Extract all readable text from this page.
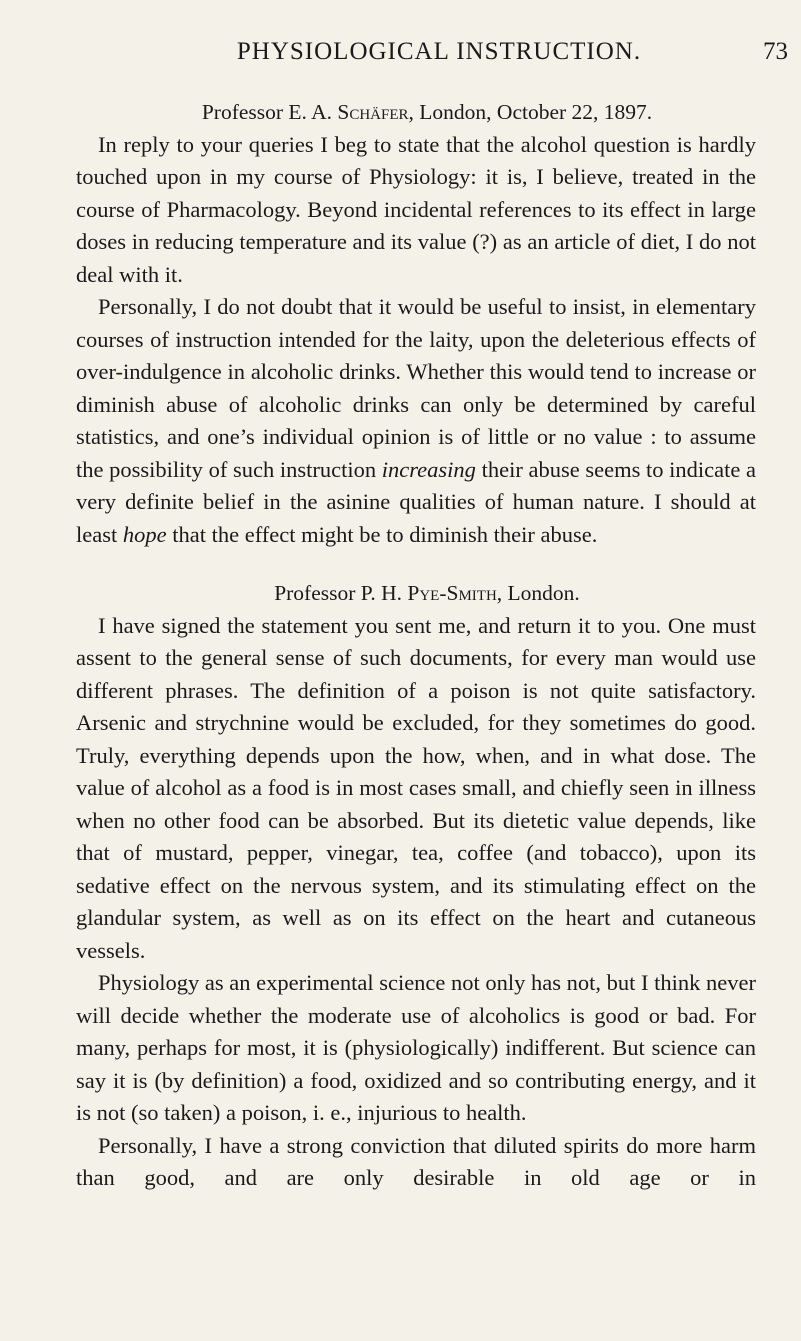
PHYSIOLOGICAL INSTRUCTION.	73
Professor E. A. Schäfer, London, October 22, 1897.

In reply to your queries I beg to state that the alcohol question is hardly touched upon in my course of Physiology: it is, I believe, treated in the course of Pharmacology. Beyond incidental references to its effect in large doses in reducing temperature and its value (?) as an article of diet, I do not deal with it.

Personally, I do not doubt that it would be useful to insist, in elementary courses of instruction intended for the laity, upon the deleterious effects of over-indulgence in alcoholic drinks. Whether this would tend to increase or diminish abuse of alcoholic drinks can only be determined by careful statistics, and one’s individual opinion is of little or no value : to assume the possibility of such instruction increasing their abuse seems to indicate a very definite belief in the asinine qualities of human nature. I should at least hope that the effect might be to diminish their abuse.

Professor P. H. Pye-Smith, London.

I have signed the statement you sent me, and return it to you. One must assent to the general sense of such documents, for every man would use different phrases. The definition of a poison is not quite satisfactory. Arsenic and strychnine would be excluded, for they sometimes do good. Truly, everything depends upon the how, when, and in what dose. The value of alcohol as a food is in most cases small, and chiefly seen in illness when no other food can be absorbed. But its dietetic value depends, like that of mustard, pepper, vinegar, tea, coffee (and tobacco), upon its sedative effect on the nervous system, and its stimulating effect on the glandular system, as well as on its effect on the heart and cutaneous vessels.

Physiology as an experimental science not only has not, but I think never will decide whether the moderate use of alcoholics is good or bad. For many, perhaps for most, it is (physiologically) indifferent. But science can say it is (by definition) a food, oxidized and so contributing energy, and it is not (so taken) a poison, i. e., injurious to health.

Personally, I have a strong conviction that diluted spirits do more harm than good, and are only desirable in old age or in
